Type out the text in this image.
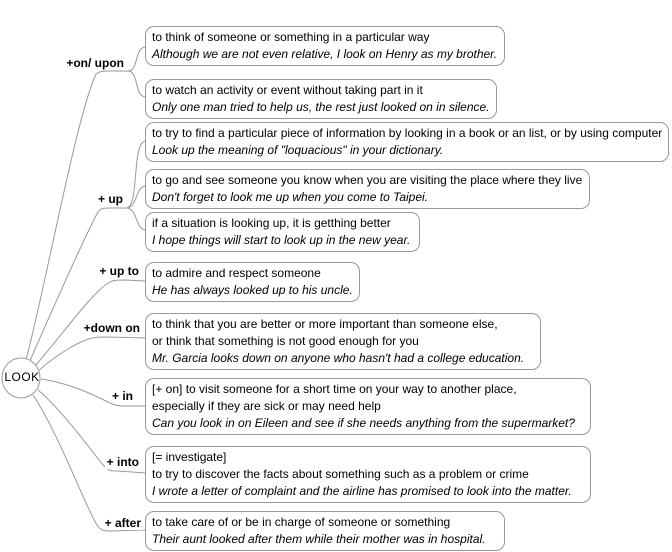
LOOK
+on/ upon
+ up
+ up to
+down on
+ in
+ into
+ after
to think of someone or something in a particular way
Although we are not even relative, I look on Henry as my brother.
to watch an activity or event without taking part in it
Only one man tried to help us, the rest just looked on in silence.
to try to find a particular piece of information by looking in a book or an list, or by using computer
Look up the meaning of "loquacious" in your dictionary.
to go and see someone you know when you are visiting the place where they live
Don't forget to look me up when you come to Taipei.
if a situation is looking up, it is getthing better
I hope things will start to look up in the new year.
to admire and respect someone
He has always looked up to his uncle.
to think that you are better or more important than someone else,
or think that something is not good enough for you
Mr. Garcia looks down on anyone who hasn't had a college education.
[+ on] to visit someone for a short time on your way to another place,
especially if they are sick or may need help
Can you look in on Eileen and see if she needs anything from the supermarket?
[= investigate]
to try to discover the facts about something such as a problem or crime
I wrote a letter of complaint and the airline has promised to look into the matter.
to take care of or be in charge of someone or something
Their aunt looked after them while their mother was in hospital.
